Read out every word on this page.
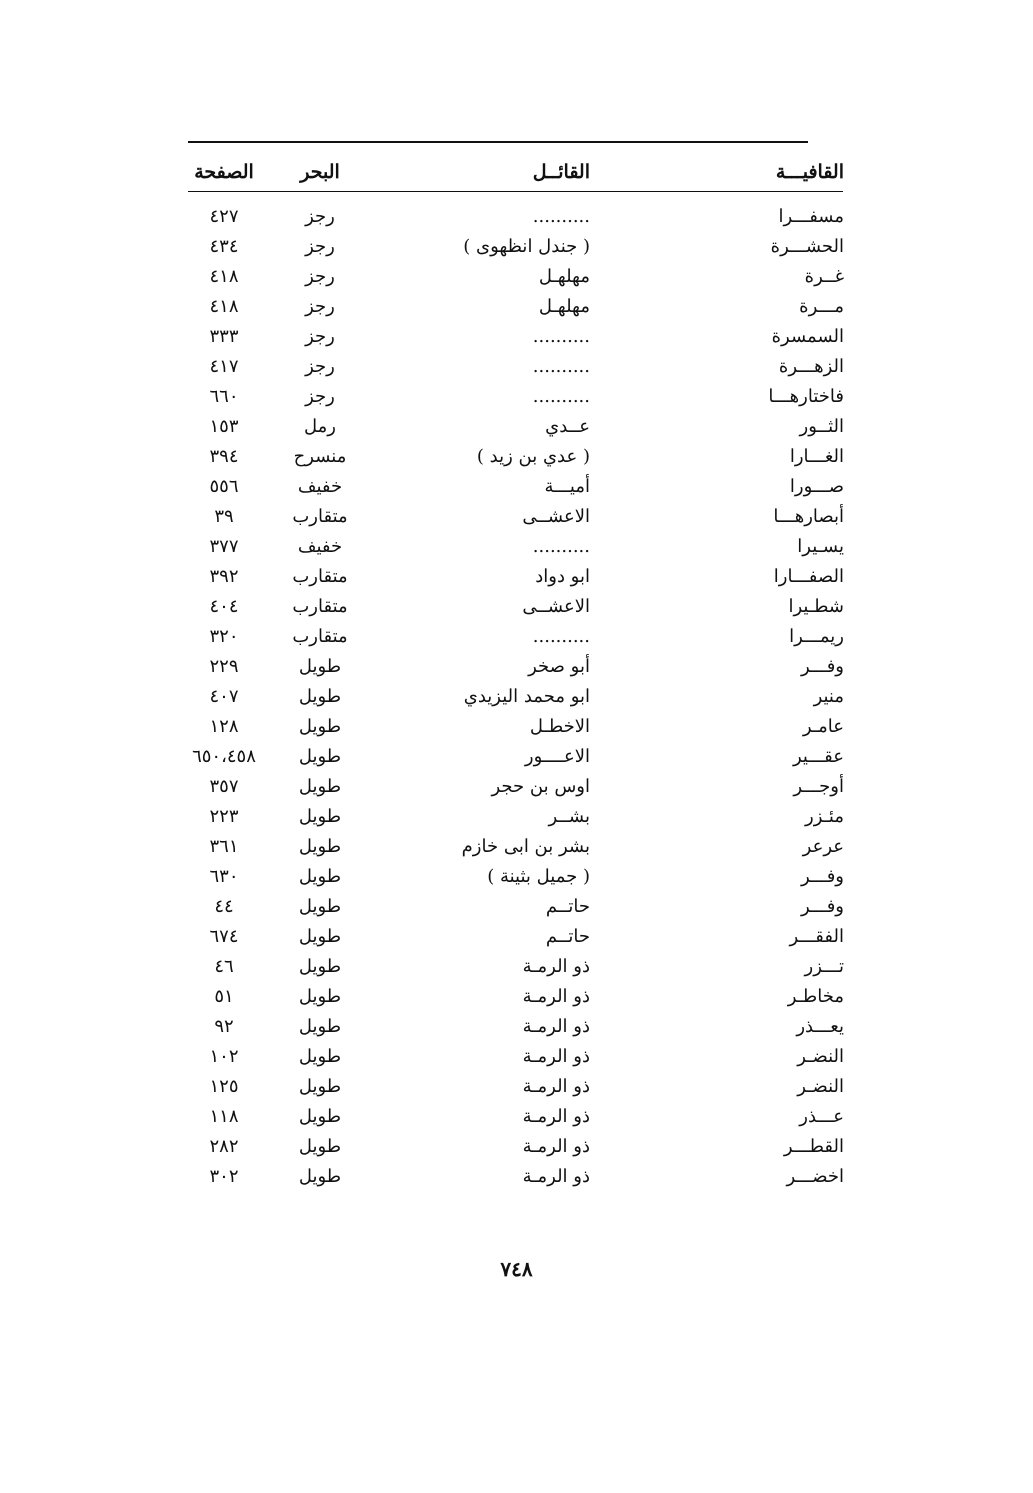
القافيـــة
القائــل
البحر
الصفحة
مسفـــرا
..........
رجز
٤٢٧
الحشـــرة
( جندل انظهوى )
رجز
٤٣٤
غــرة
مهلهـل
رجز
٤١٨
مـــرة
مهلهـل
رجز
٤١٨
السمسرة
..........
رجز
٣٣٣
الزهـــرة
..........
رجز
٤١٧
فاختارهـــا
..........
رجز
٦٦٠
الثــور
عــدي
رمل
١٥٣
الغـــارا
( عدي بن زيد )
منسرح
٣٩٤
صـــورا
أميـــة
خفيف
٥٥٦
أبصارهـــا
الاعشــى
متقارب
٣٩
يسـيرا
..........
خفيف
٣٧٧
الصفـــارا
ابو دواد
متقارب
٣٩٢
شطـيرا
الاعشــى
متقارب
٤٠٤
ريمـــرا
..........
متقارب
٣٢٠
وفـــر
أبو صخر
طويل
٢٢٩
منير
ابو محمد اليزيدي
طويل
٤٠٧
عامـر
الاخطـل
طويل
١٢٨
عقـــير
الاعــــور
طويل
٦٥٠،٤٥٨
أوجـــر
اوس بن حجر
طويل
٣٥٧
مئـزر
بشــر
طويل
٢٢٣
عرعر
بشر بن ابى خازم
طويل
٣٦١
وفـــر
( جميل بثينة )
طويل
٦٣٠
وفـــر
حاتــم
طويل
٤٤
الفقـــر
حاتــم
طويل
٦٧٤
تـــزر
ذو الرمـة
طويل
٤٦
مخاطـر
ذو الرمـة
طويل
٥١
يعـــذر
ذو الرمـة
طويل
٩٢
النضـر
ذو الرمـة
طويل
١٠٢
النضـر
ذو الرمـة
طويل
١٢٥
عـــذر
ذو الرمـة
طويل
١١٨
القطـــر
ذو الرمـة
طويل
٢٨٢
اخضـــر
ذو الرمـة
طويل
٣٠٢
٧٤٨
